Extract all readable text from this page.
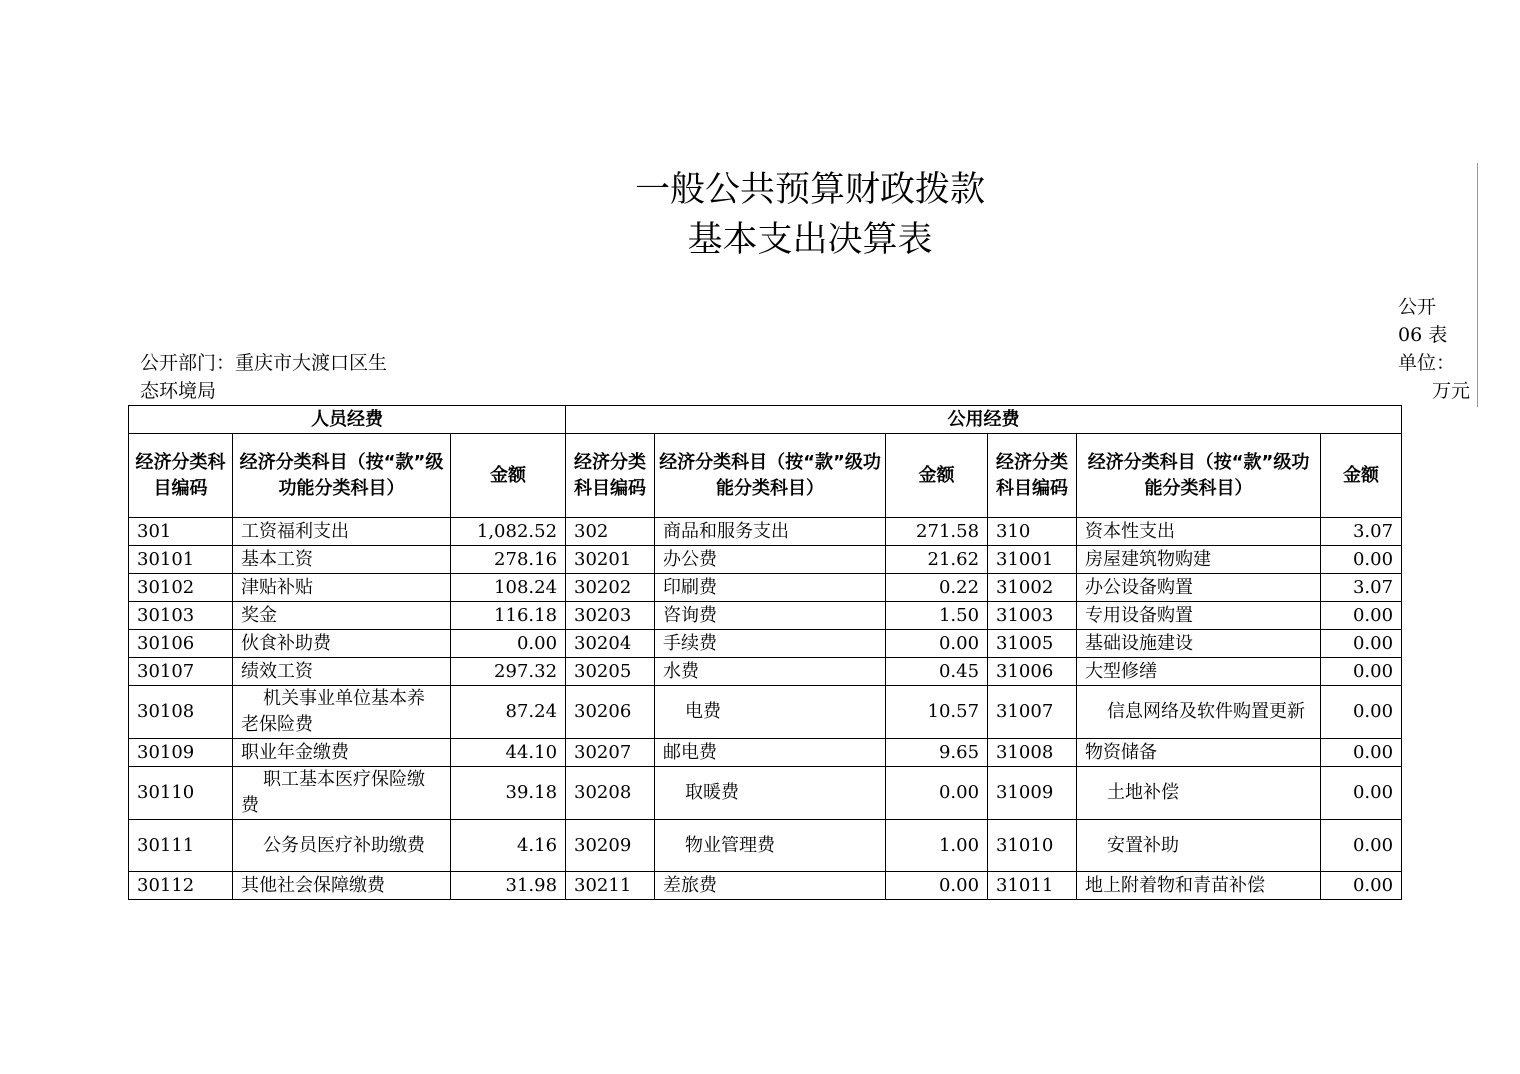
一般公共预算财政拨款
基本支出决算表
公开部门：重庆市大渡口区生态环境局
公开
06 表
单位：
万元
人员经费			公用经费					
经济分类科目编码	经济分类科目（按“款”级功能分类科目）	金额	经济分类科目编码	经济分类科目（按“款”级功能分类科目）	金额	经济分类科目编码	经济分类科目（按“款”级功能分类科目）	金额
301	工资福利支出	1,082.52	302	商品和服务支出	271.58	310	资本性支出	3.07
30101	基本工资	278.16	30201	办公费	21.62	31001	房屋建筑物购建	0.00
30102	津贴补贴	108.24	30202	印刷费	0.22	31002	办公设备购置	3.07
30103	奖金	116.18	30203	咨询费	1.50	31003	专用设备购置	0.00
30106	伙食补助费	0.00	30204	手续费	0.00	31005	基础设施建设	0.00
30107	绩效工资	297.32	30205	水费	0.45	31006	大型修缮	0.00
30108	机关事业单位基本养老保险费	87.24	30206	电费	10.57	31007	信息网络及软件购置更新	0.00
30109	职业年金缴费	44.10	30207	邮电费	9.65	31008	物资储备	0.00
30110	职工基本医疗保险缴费	39.18	30208	取暖费	0.00	31009	土地补偿	0.00
30111	公务员医疗补助缴费	4.16	30209	物业管理费	1.00	31010	安置补助	0.00
30112	其他社会保障缴费	31.98	30211	差旅费	0.00	31011	地上附着物和青苗补偿	0.00
